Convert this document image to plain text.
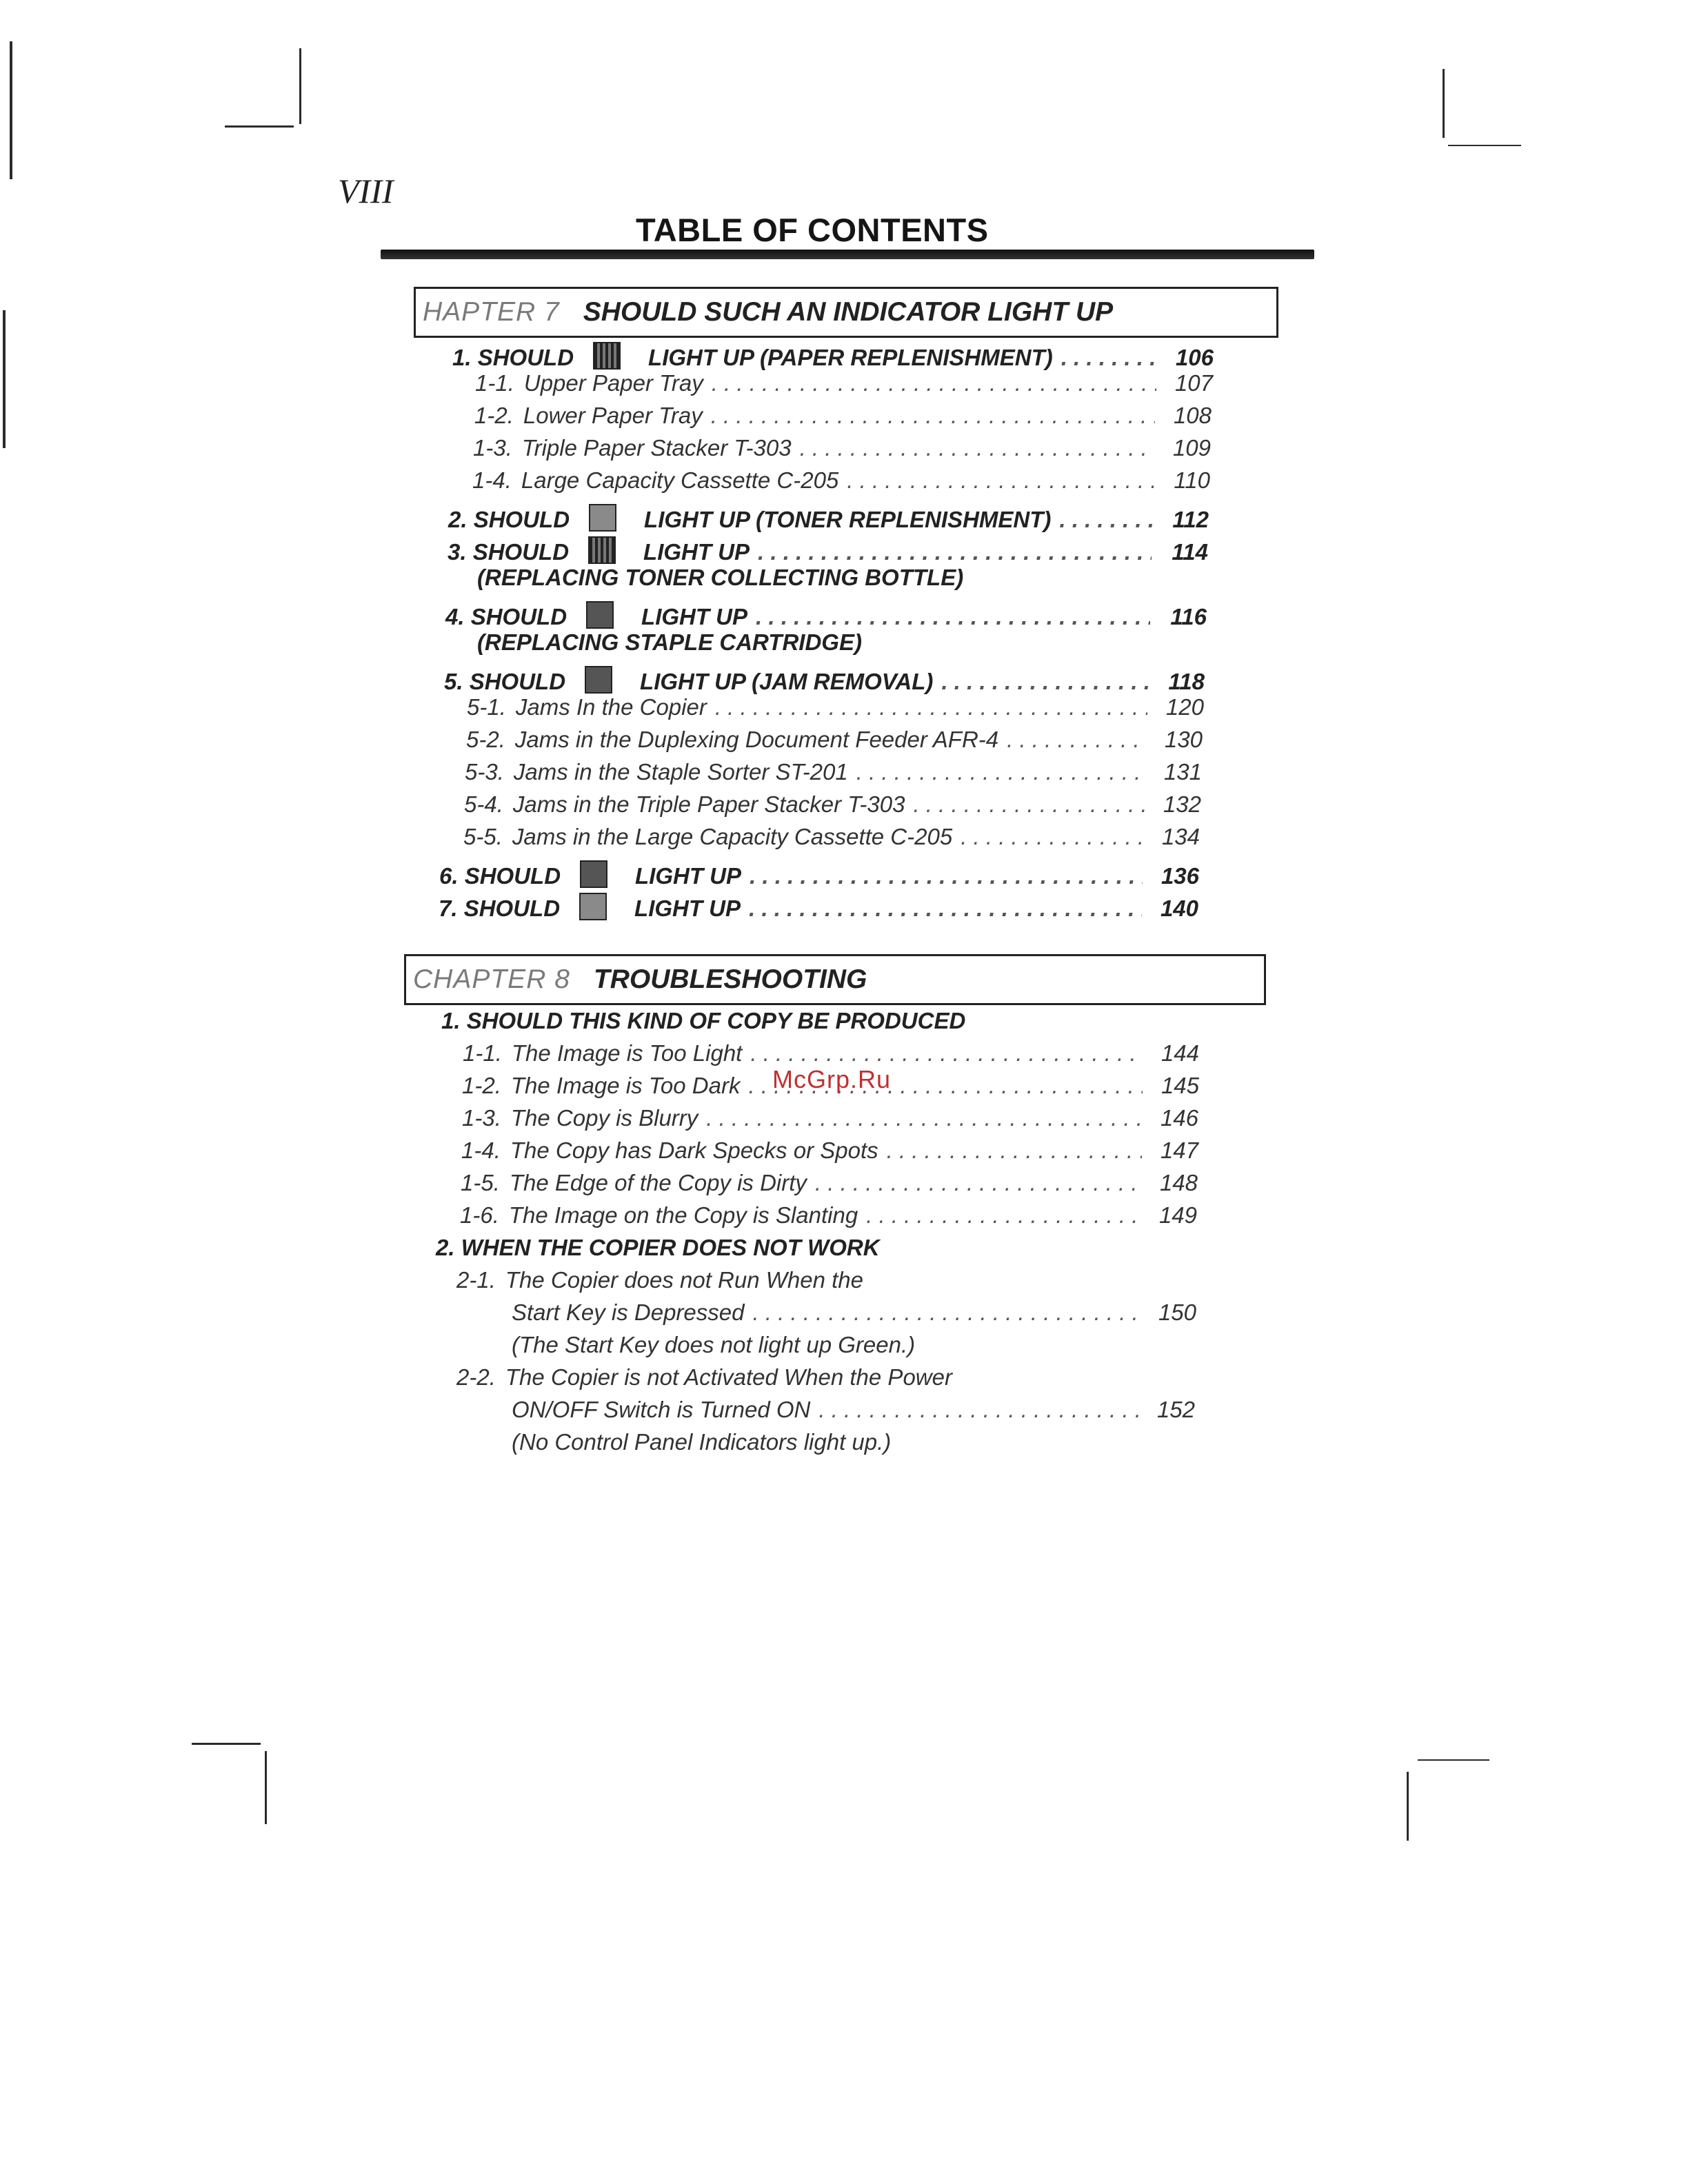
VIII
TABLE OF CONTENTS
HAPTER 7 SHOULD SUCH AN INDICATOR LIGHT UP
1. SHOULD	LIGHT UP (PAPER REPLENISHMENT) . . .	106
1-1. Upper Paper Tray . . .	107
1-2. Lower Paper Tray . . .	108
1-3. Triple Paper Stacker T-303 . . .	109
1-4. Large Capacity Cassette C-205 . . .	110
2. SHOULD	LIGHT UP (TONER REPLENISHMENT) . . .	112
3. SHOULD	LIGHT UP . . .	114
(REPLACING TONER COLLECTING BOTTLE)
4. SHOULD	LIGHT UP . . .	116
(REPLACING STAPLE CARTRIDGE)
5. SHOULD	LIGHT UP (JAM REMOVAL) . . .	118
5-1. Jams In the Copier . . .	120
5-2. Jams in the Duplexing Document Feeder AFR-4 . . .	130
5-3. Jams in the Staple Sorter ST-201 . . .	131
5-4. Jams in the Triple Paper Stacker T-303 . . .	132
5-5. Jams in the Large Capacity Cassette C-205 . . .	134
6. SHOULD	LIGHT UP . . .	136
7. SHOULD	LIGHT UP . . .	140
CHAPTER 8 TROUBLESHOOTING
1. SHOULD THIS KIND OF COPY BE PRODUCED
1-1. The Image is Too Light . . .	144
1-2. The Image is Too Dark . . .	145
1-3. The Copy is Blurry . . .	146
1-4. The Copy has Dark Specks or Spots . . .	147
1-5. The Edge of the Copy is Dirty . . .	148
1-6. The Image on the Copy is Slanting . . .	149
2. WHEN THE COPIER DOES NOT WORK
2-1. The Copier does not Run When the
Start Key is Depressed . . .	150
(The Start Key does not light up Green.)
2-2. The Copier is not Activated When the Power
ON/OFF Switch is Turned ON . . .	152
(No Control Panel Indicators light up.)
McGrp.Ru
